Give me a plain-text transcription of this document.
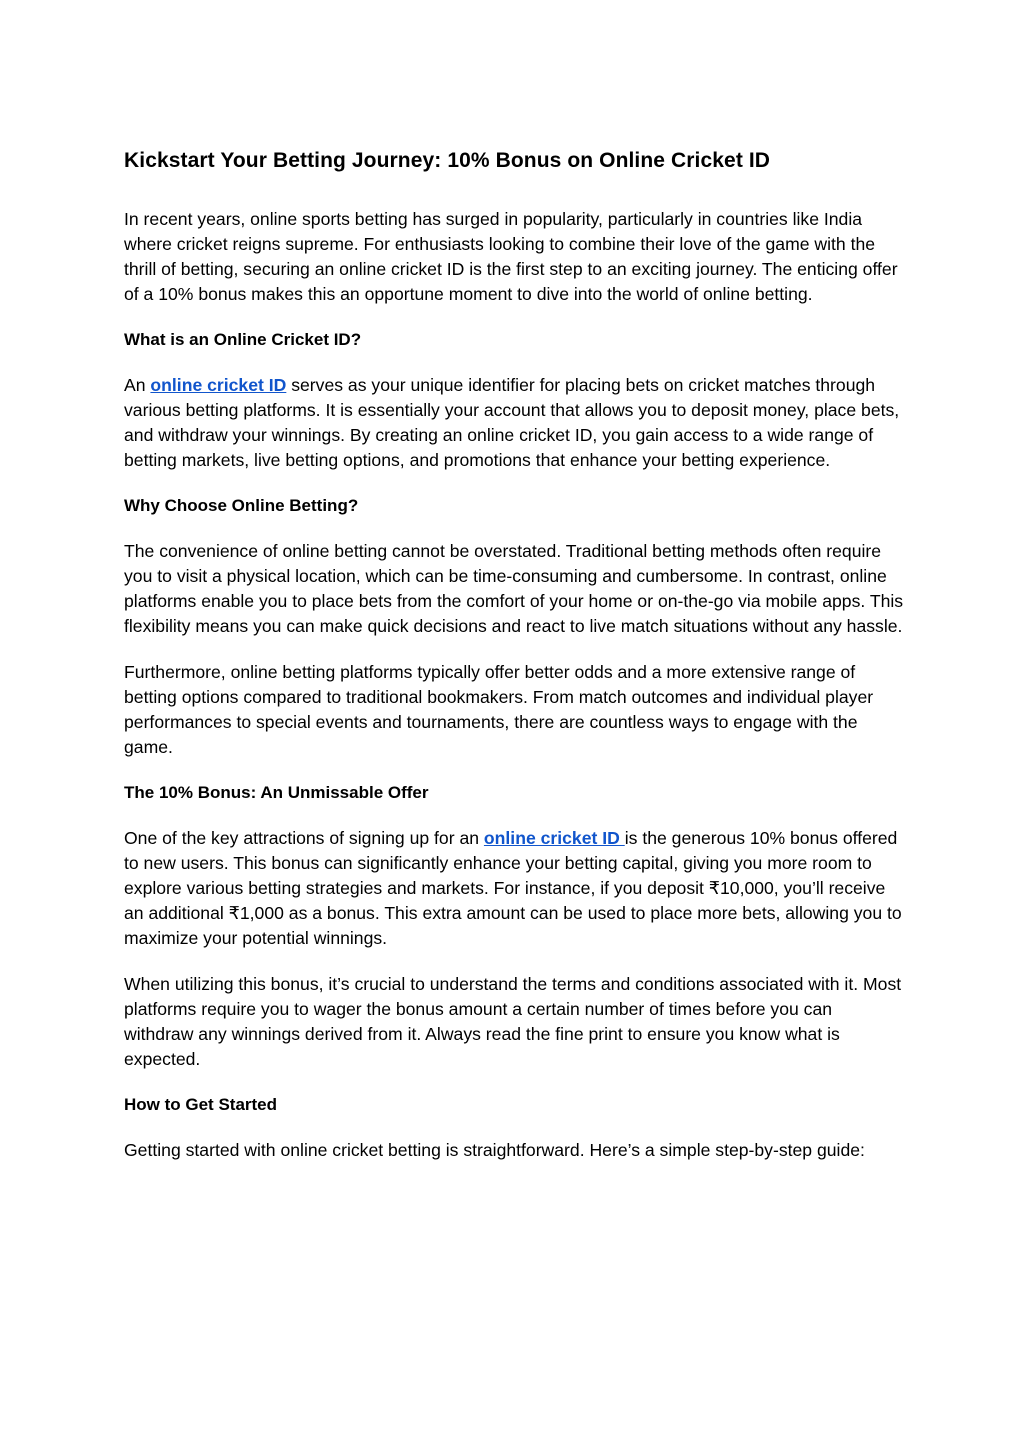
Kickstart Your Betting Journey: 10% Bonus on Online Cricket ID

In recent years, online sports betting has surged in popularity, particularly in countries like India where cricket reigns supreme. For enthusiasts looking to combine their love of the game with the thrill of betting, securing an online cricket ID is the first step to an exciting journey. The enticing offer of a 10% bonus makes this an opportune moment to dive into the world of online betting.

What is an Online Cricket ID?

An online cricket ID serves as your unique identifier for placing bets on cricket matches through various betting platforms. It is essentially your account that allows you to deposit money, place bets, and withdraw your winnings. By creating an online cricket ID, you gain access to a wide range of betting markets, live betting options, and promotions that enhance your betting experience.

Why Choose Online Betting?

The convenience of online betting cannot be overstated. Traditional betting methods often require you to visit a physical location, which can be time-consuming and cumbersome. In contrast, online platforms enable you to place bets from the comfort of your home or on-the-go via mobile apps. This flexibility means you can make quick decisions and react to live match situations without any hassle.

Furthermore, online betting platforms typically offer better odds and a more extensive range of betting options compared to traditional bookmakers. From match outcomes and individual player performances to special events and tournaments, there are countless ways to engage with the game.

The 10% Bonus: An Unmissable Offer

One of the key attractions of signing up for an online cricket ID is the generous 10% bonus offered to new users. This bonus can significantly enhance your betting capital, giving you more room to explore various betting strategies and markets. For instance, if you deposit ₹10,000, you’ll receive an additional ₹1,000 as a bonus. This extra amount can be used to place more bets, allowing you to maximize your potential winnings.

When utilizing this bonus, it’s crucial to understand the terms and conditions associated with it. Most platforms require you to wager the bonus amount a certain number of times before you can withdraw any winnings derived from it. Always read the fine print to ensure you know what is expected.

How to Get Started

Getting started with online cricket betting is straightforward. Here’s a simple step-by-step guide:
